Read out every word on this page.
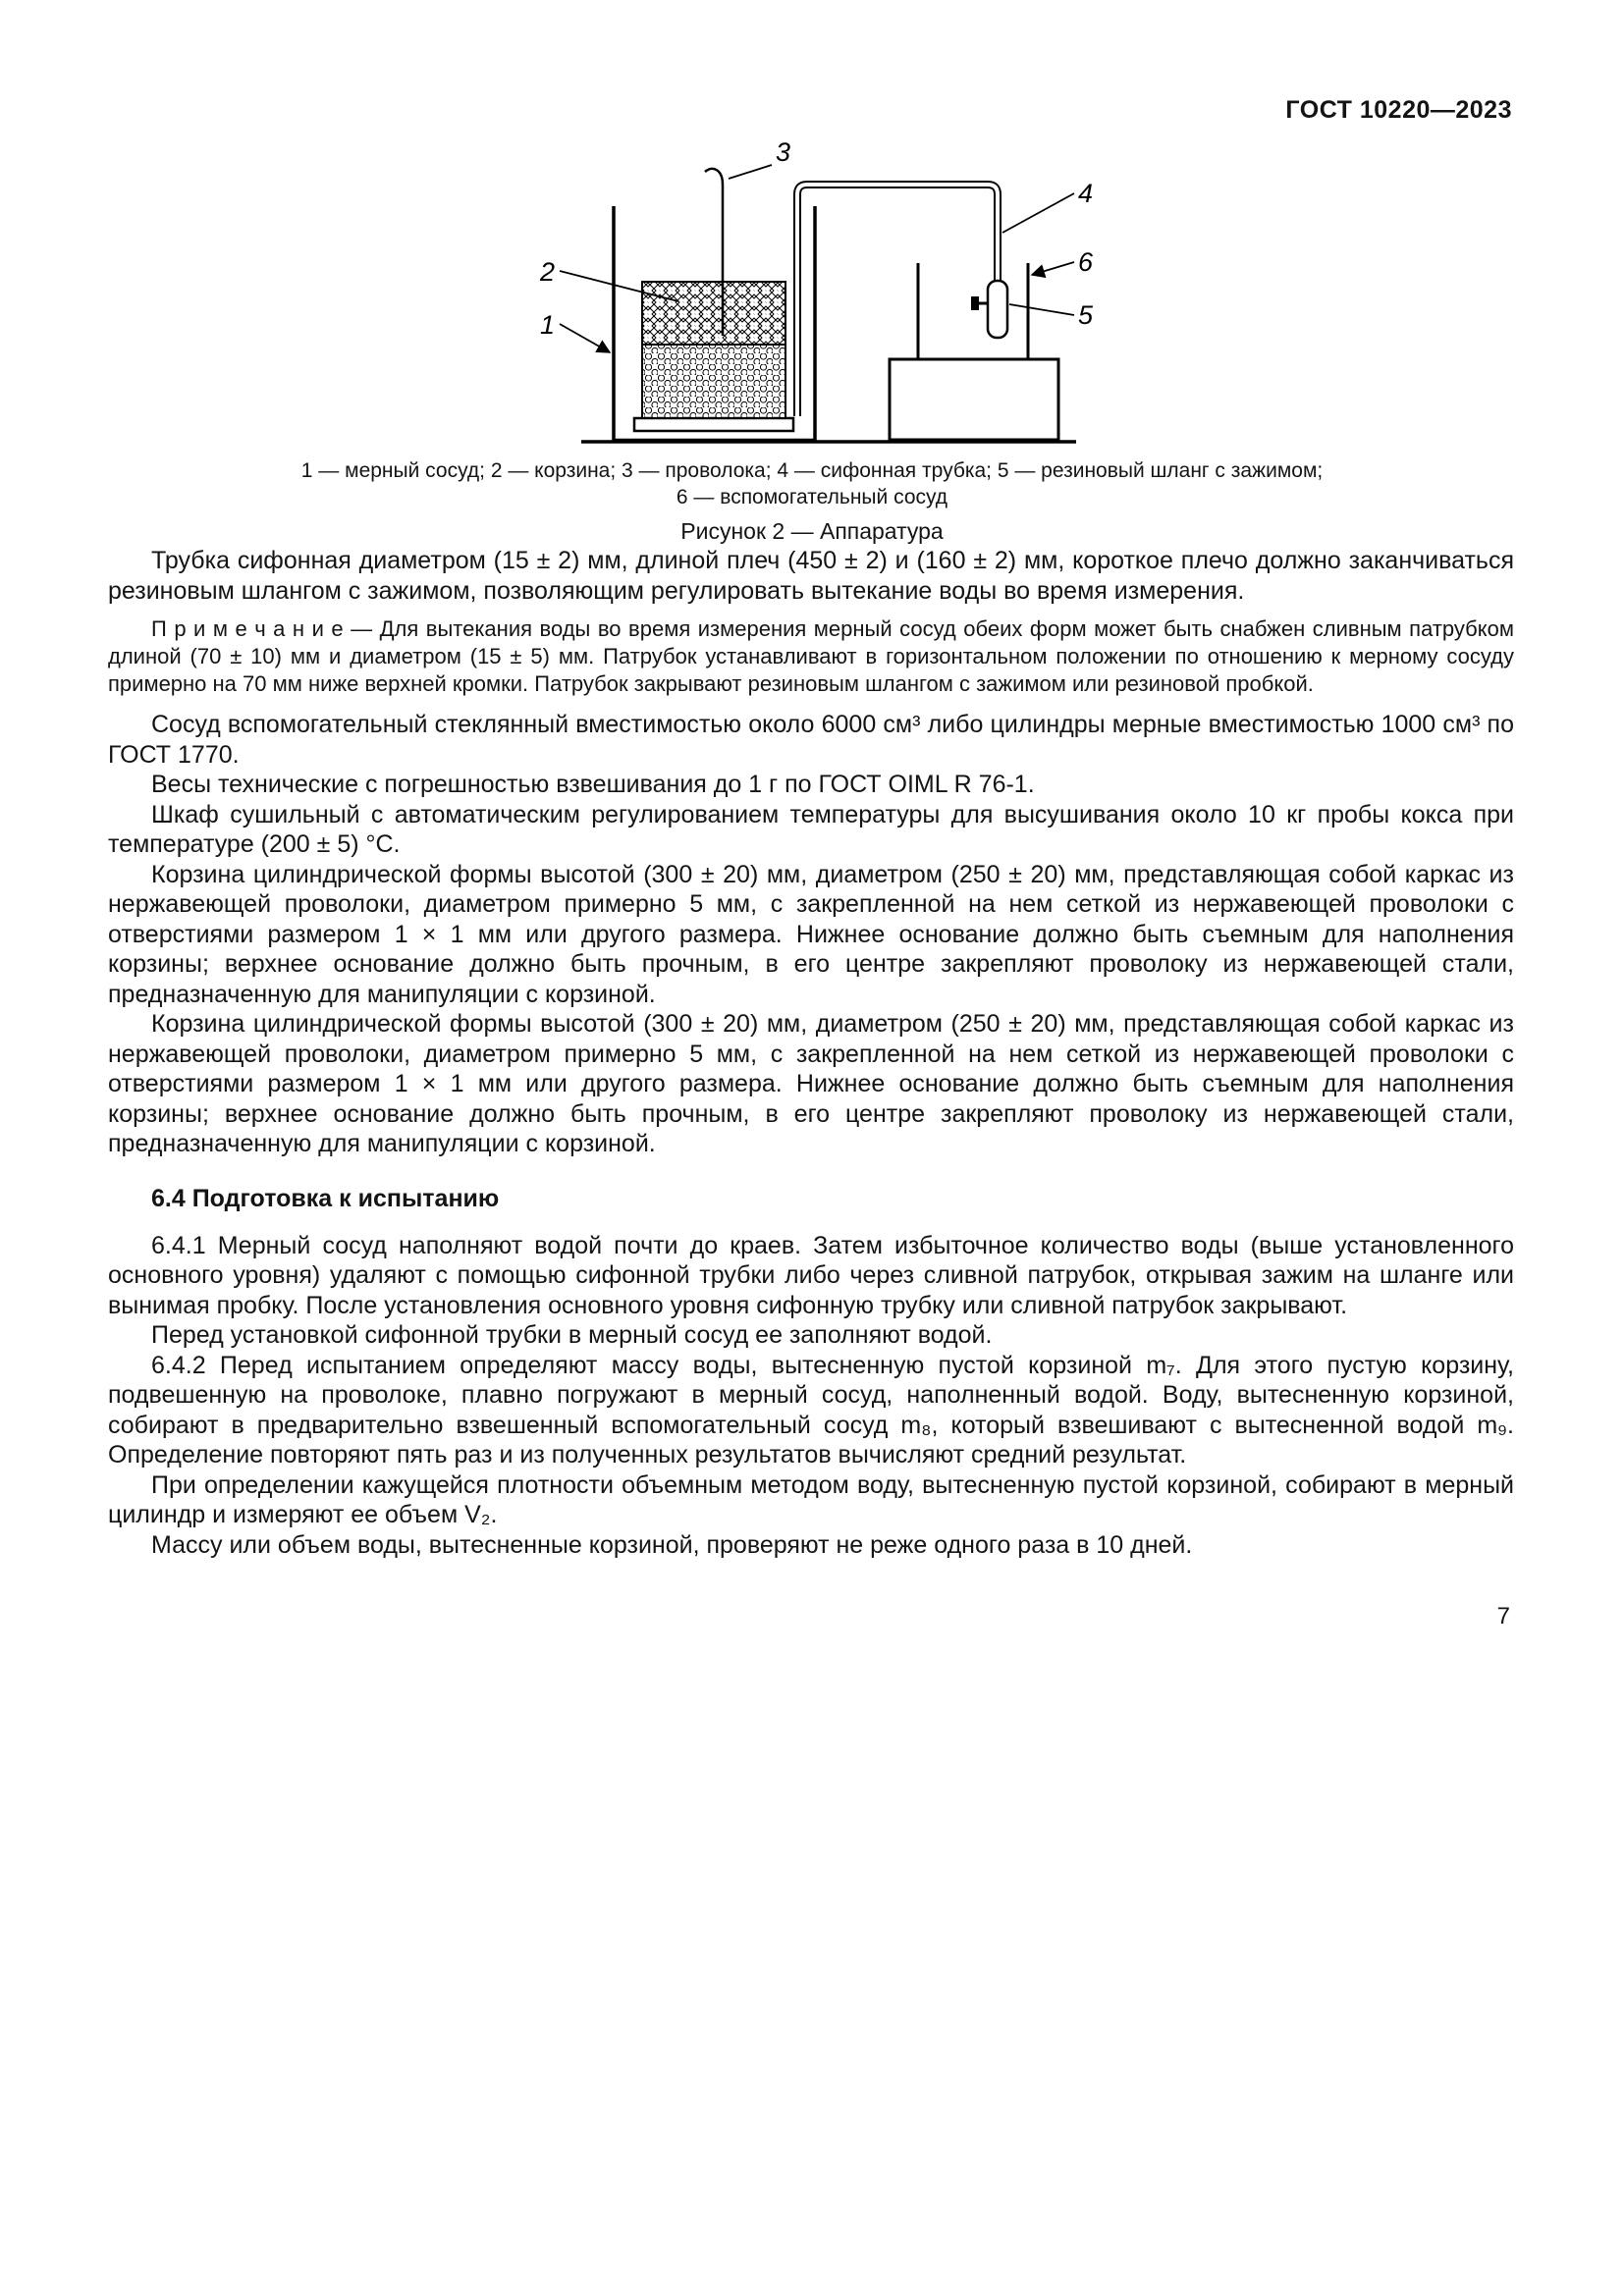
ГОСТ 10220—2023
1
2
3
4
6
5
1 — мерный сосуд; 2 — корзина; 3 — проволока; 4 — сифонная трубка; 5 — резиновый шланг с зажимом;
6 — вспомогательный сосуд
Рисунок 2 — Аппаратура

Трубка сифонная диаметром (15 ± 2) мм, длиной плеч (450 ± 2) и (160 ± 2) мм, короткое плечо должно заканчиваться резиновым шлангом с зажимом, позволяющим регулировать вытекание воды во время измерения.

П р и м е ч а н и е — Для вытекания воды во время измерения мерный сосуд обеих форм может быть снабжен сливным патрубком длиной (70 ± 10) мм и диаметром (15 ± 5) мм. Патрубок устанавливают в горизонтальном положении по отношению к мерному сосуду примерно на 70 мм ниже верхней кромки. Патрубок закрывают резиновым шлангом с зажимом или резиновой пробкой.

Сосуд вспомогательный стеклянный вместимостью около 6000 см³ либо цилиндры мерные вместимостью 1000 см³ по ГОСТ 1770.

Весы технические с погрешностью взвешивания до 1 г по ГОСТ OIML R 76-1.

Шкаф сушильный с автоматическим регулированием температуры для высушивания около 10 кг пробы кокса при температуре (200 ± 5) °С.

Корзина цилиндрической формы высотой (300 ± 20) мм, диаметром (250 ± 20) мм, представляющая собой каркас из нержавеющей проволоки, диаметром примерно 5 мм, с закрепленной на нем сеткой из нержавеющей проволоки с отверстиями размером 1 × 1 мм или другого размера. Нижнее основание должно быть съемным для наполнения корзины; верхнее основание должно быть прочным, в его центре закрепляют проволоку из нержавеющей стали, предназначенную для манипуляции с корзиной.

Корзина цилиндрической формы высотой (300 ± 20) мм, диаметром (250 ± 20) мм, представляющая собой каркас из нержавеющей проволоки, диаметром примерно 5 мм, с закрепленной на нем сеткой из нержавеющей проволоки с отверстиями размером 1 × 1 мм или другого размера. Нижнее основание должно быть съемным для наполнения корзины; верхнее основание должно быть прочным, в его центре закрепляют проволоку из нержавеющей стали, предназначенную для манипуляции с корзиной.

6.4 Подготовка к испытанию

6.4.1 Мерный сосуд наполняют водой почти до краев. Затем избыточное количество воды (выше установленного основного уровня) удаляют с помощью сифонной трубки либо через сливной патрубок, открывая зажим на шланге или вынимая пробку. После установления основного уровня сифонную трубку или сливной патрубок закрывают.

Перед установкой сифонной трубки в мерный сосуд ее заполняют водой.

6.4.2 Перед испытанием определяют массу воды, вытесненную пустой корзиной m₇. Для этого пустую корзину, подвешенную на проволоке, плавно погружают в мерный сосуд, наполненный водой. Воду, вытесненную корзиной, собирают в предварительно взвешенный вспомогательный сосуд m₈, который взвешивают с вытесненной водой m₉. Определение повторяют пять раз и из полученных результатов вычисляют средний результат.

При определении кажущейся плотности объемным методом воду, вытесненную пустой корзиной, собирают в мерный цилиндр и измеряют ее объем V₂.

Массу или объем воды, вытесненные корзиной, проверяют не реже одного раза в 10 дней.

7
